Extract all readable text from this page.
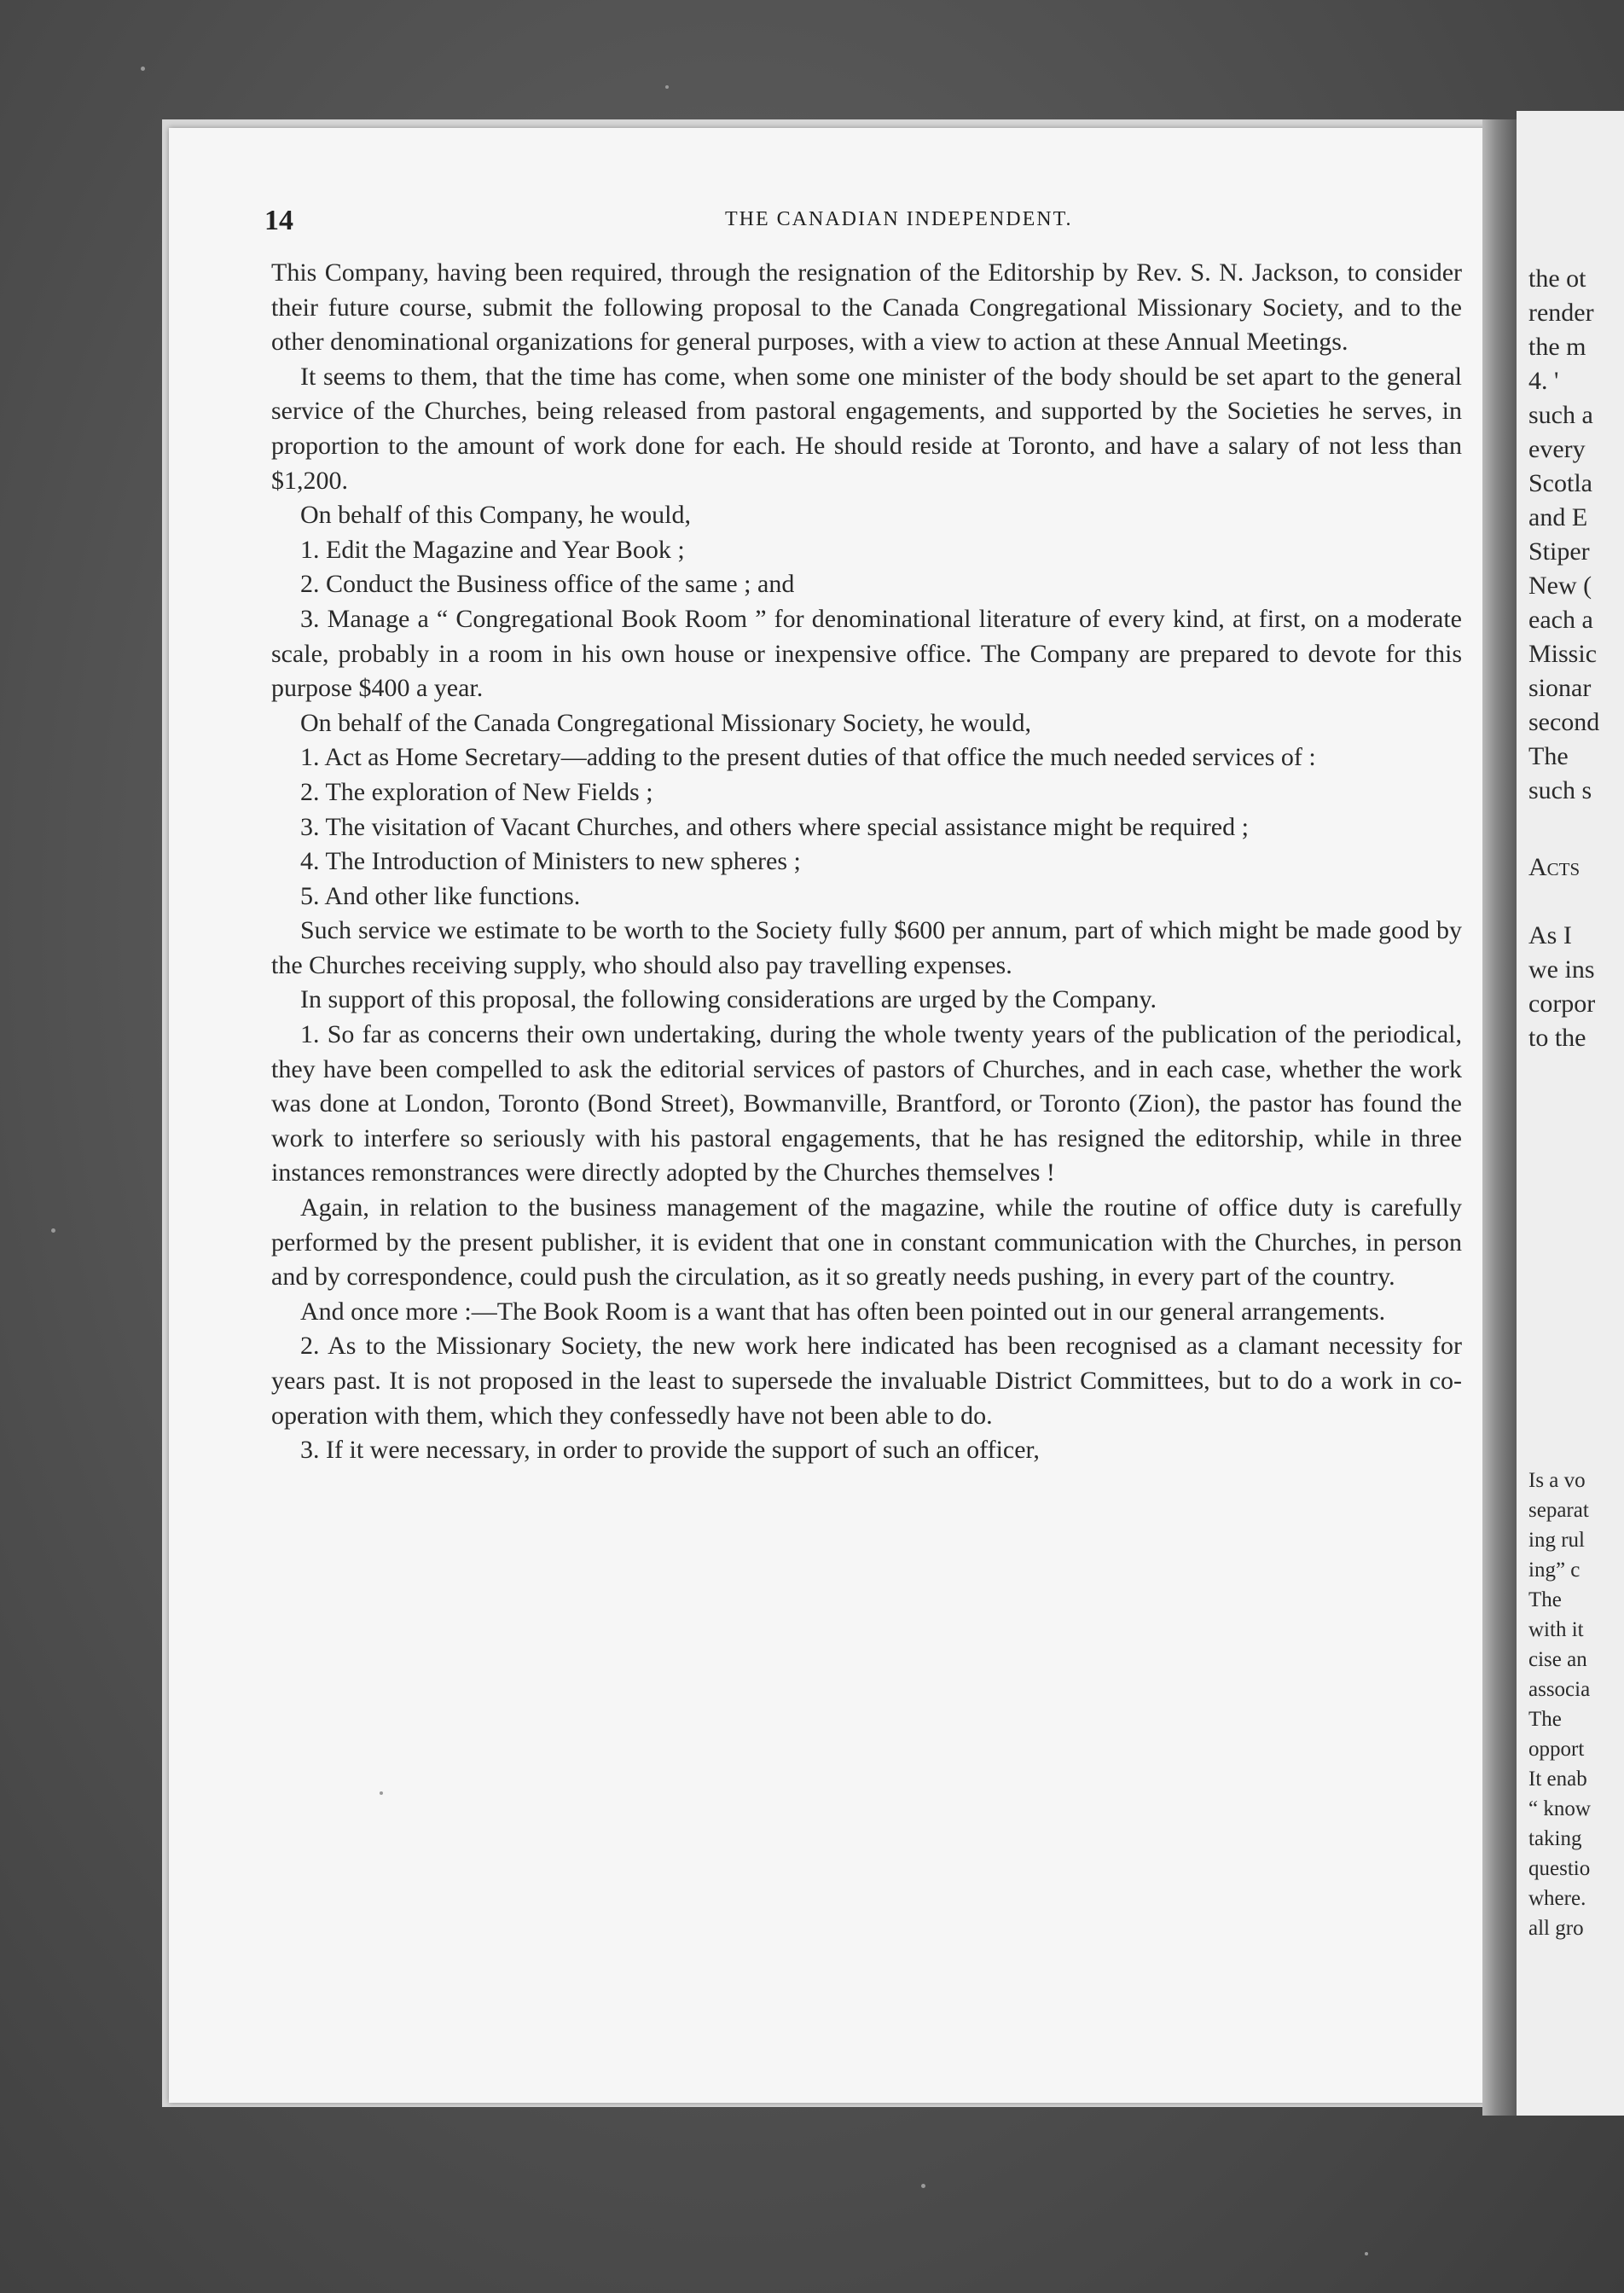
14	THE CANADIAN INDEPENDENT.

This Company, having been required, through the resignation of the Editorship by Rev. S. N. Jackson, to consider their future course, submit the following proposal to the Canada Congregational Missionary Society, and to the other denominational organizations for general purposes, with a view to action at these Annual Meetings.

It seems to them, that the time has come, when some one minister of the body should be set apart to the general service of the Churches, being released from pastoral engagements, and supported by the Societies he serves, in proportion to the amount of work done for each. He should reside at Toronto, and have a salary of not less than $1,200.

On behalf of this Company, he would,

1. Edit the Magazine and Year Book ;

2. Conduct the Business office of the same ; and

3. Manage a “ Congregational Book Room ” for denominational literature of every kind, at first, on a moderate scale, probably in a room in his own house or inexpensive office. The Company are prepared to devote for this purpose $400 a year.

On behalf of the Canada Congregational Missionary Society, he would,

1. Act as Home Secretary—adding to the present duties of that office the much needed services of :

2. The exploration of New Fields ;

3. The visitation of Vacant Churches, and others where special assistance might be required ;

4. The Introduction of Ministers to new spheres ;

5. And other like functions.

Such service we estimate to be worth to the Society fully $600 per annum, part of which might be made good by the Churches receiving supply, who should also pay travelling expenses.

In support of this proposal, the following considerations are urged by the Company.

1. So far as concerns their own undertaking, during the whole twenty years of the publication of the periodical, they have been compelled to ask the editorial services of pastors of Churches, and in each case, whether the work was done at London, Toronto (Bond Street), Bowmanville, Brantford, or Toronto (Zion), the pastor has found the work to interfere so seriously with his pastoral engagements, that he has resigned the editorship, while in three instances remonstrances were directly adopted by the Churches themselves !

Again, in relation to the business management of the magazine, while the routine of office duty is carefully performed by the present publisher, it is evident that one in constant communication with the Churches, in person and by correspondence, could push the circulation, as it so greatly needs pushing, in every part of the country.

And once more :—The Book Room is a want that has often been pointed out in our general arrangements.

2. As to the Missionary Society, the new work here indicated has been recognised as a clamant necessity for years past. It is not proposed in the least to supersede the invaluable District Committees, but to do a work in co-operation with them, which they confessedly have not been able to do.

3. If it were necessary, in order to provide the support of such an officer,

the ot
render
the m
4. '
such a
every
Scotla
and E
Stiper
New (
each a
Missic
sionar
second
The
such s
Acts
As I
we ins
corpor
to the
Is a vo
separat
ing rul
ing” c
The
with it
cise an
associa
The
opport
It enab
“ know
taking
questio
where.
all gro
